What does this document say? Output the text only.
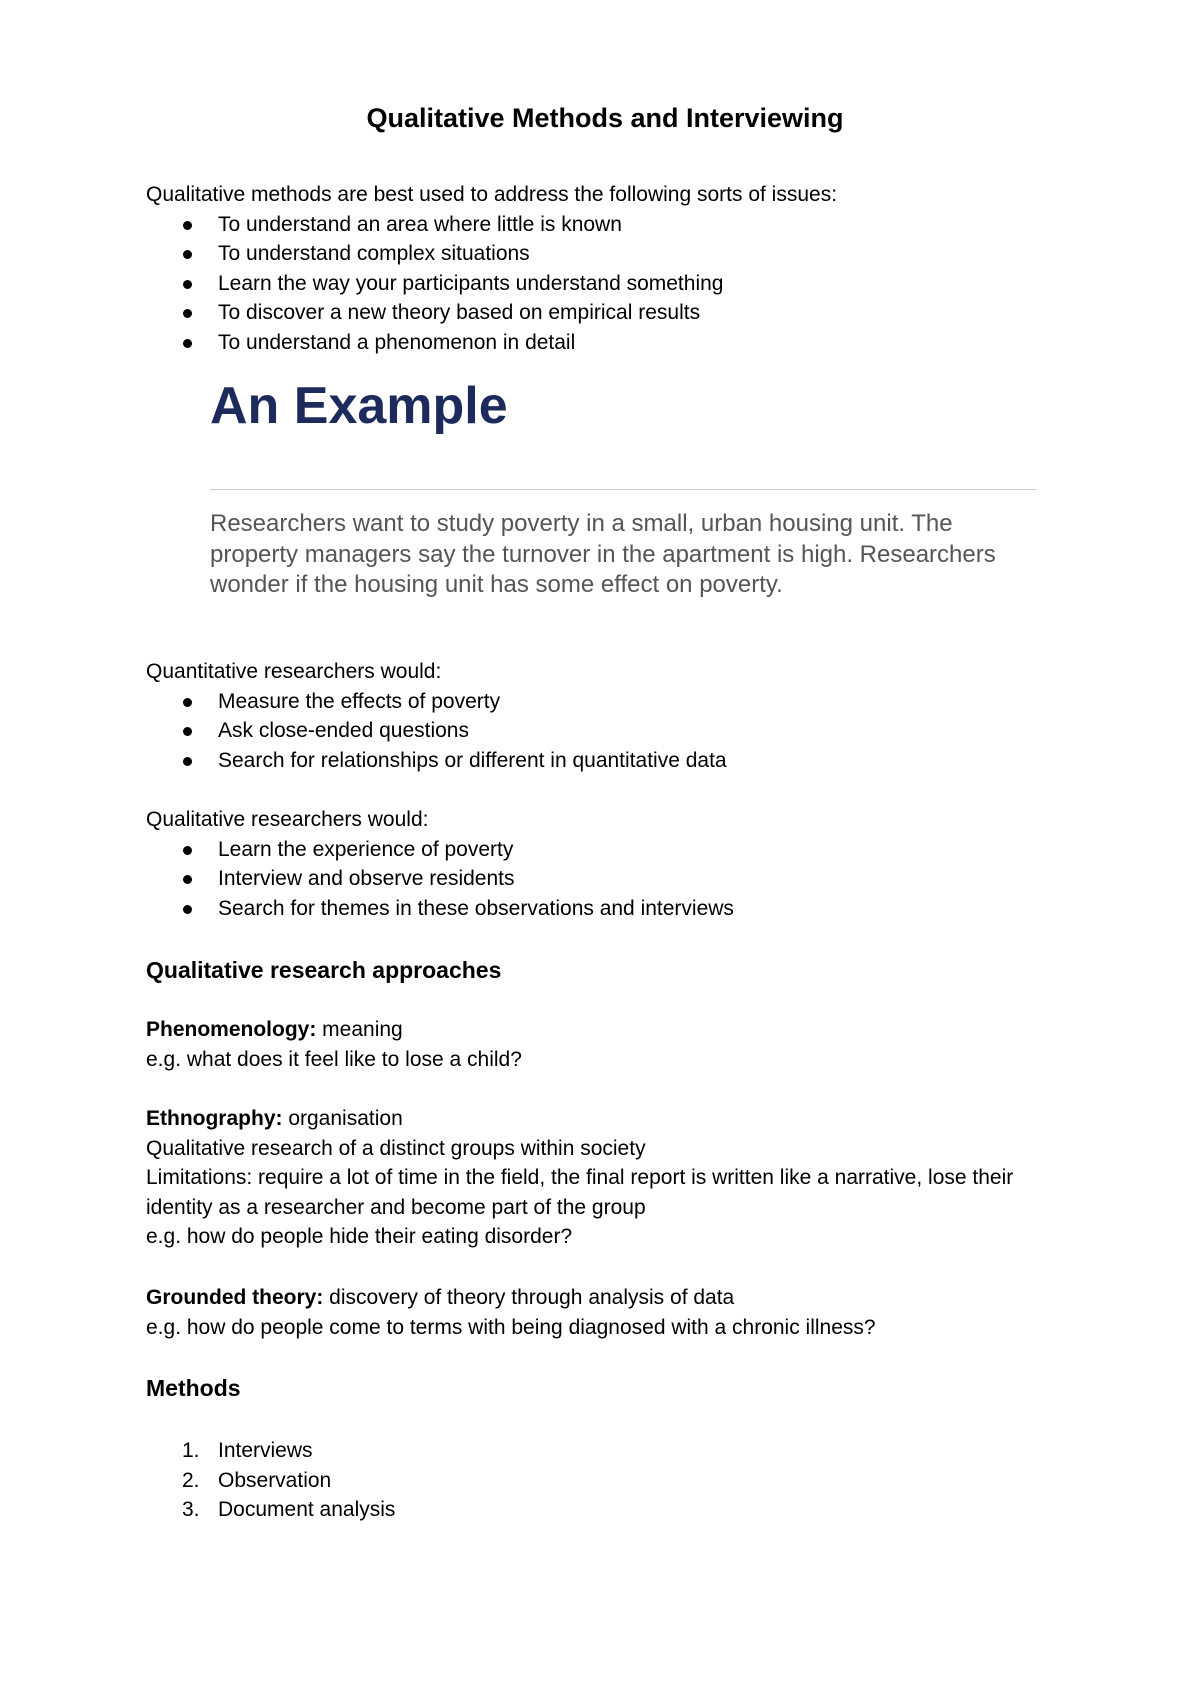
Qualitative Methods and Interviewing

Qualitative methods are best used to address the following sorts of issues:

To understand an area where little is known
To understand complex situations
Learn the way your participants understand something
To discover a new theory based on empirical results
To understand a phenomenon in detail
An Example
Researchers want to study poverty in a small, urban housing unit. The property managers say the turnover in the apartment is high. Researchers wonder if the housing unit has some effect on poverty.

Quantitative researchers would:

Measure the effects of poverty
Ask close-ended questions
Search for relationships or different in quantitative data

Qualitative researchers would:

Learn the experience of poverty
Interview and observe residents
Search for themes in these observations and interviews
Qualitative research approaches

Phenomenology: meaning

e.g. what does it feel like to lose a child?

Ethnography: organisation

Qualitative research of a distinct groups within society

Limitations: require a lot of time in the field, the final report is written like a narrative, lose their identity as a researcher and become part of the group

e.g. how do people hide their eating disorder?

Grounded theory: discovery of theory through analysis of data

e.g. how do people come to terms with being diagnosed with a chronic illness?

Methods
1. Interviews
2. Observation
3. Document analysis
